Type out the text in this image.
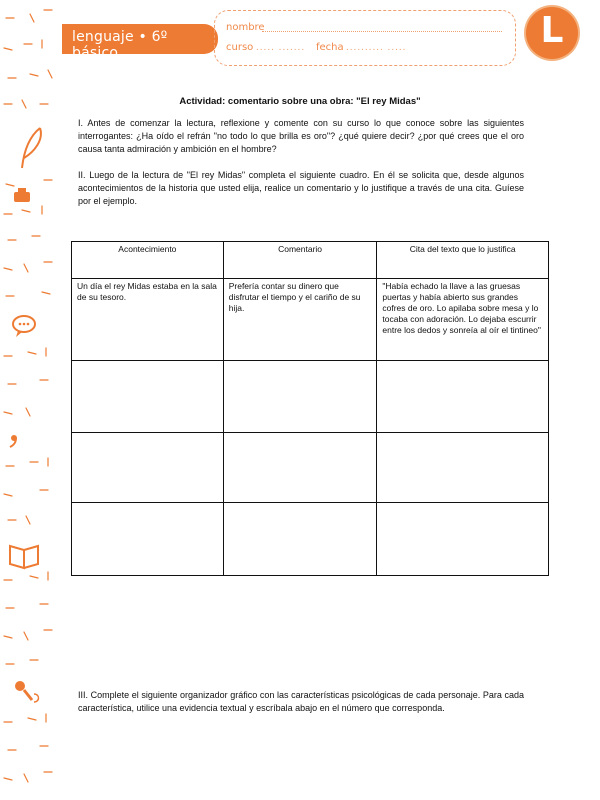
lenguaje • 6º básico
nombre
curso ..... ....... fecha .......... .....	L
Actividad: comentario sobre una obra: "El rey Midas"
I. Antes de comenzar la lectura, reflexione y comente con su curso lo que conoce sobre las siguientes interrogantes: ¿Ha oído el refrán "no todo lo que brilla es oro"? ¿qué quiere decir? ¿por qué crees que el oro causa tanta admiración y ambición en el hombre?
II. Luego de la lectura de "El rey Midas" completa el siguiente cuadro. En él se solicita que, desde algunos acontecimientos de la historia que usted elija, realice un comentario y lo justifique a través de una cita. Guíese por el ejemplo.
Acontecimiento	Comentario	Cita del texto que lo justifica
Un día el rey Midas estaba en la sala de su tesoro.	Prefería contar su dinero que disfrutar el tiempo y el cariño de su hija.	"Había echado la llave a las gruesas puertas y había abierto sus grandes cofres de oro. Lo apilaba sobre mesa y lo tocaba con adoración. Lo dejaba escurrir entre los dedos y sonreía al oír el tintineo"

III. Complete el siguiente organizador gráfico con las características psicológicas de cada personaje. Para cada característica, utilice una evidencia textual y escríbala abajo en el número que corresponda.
